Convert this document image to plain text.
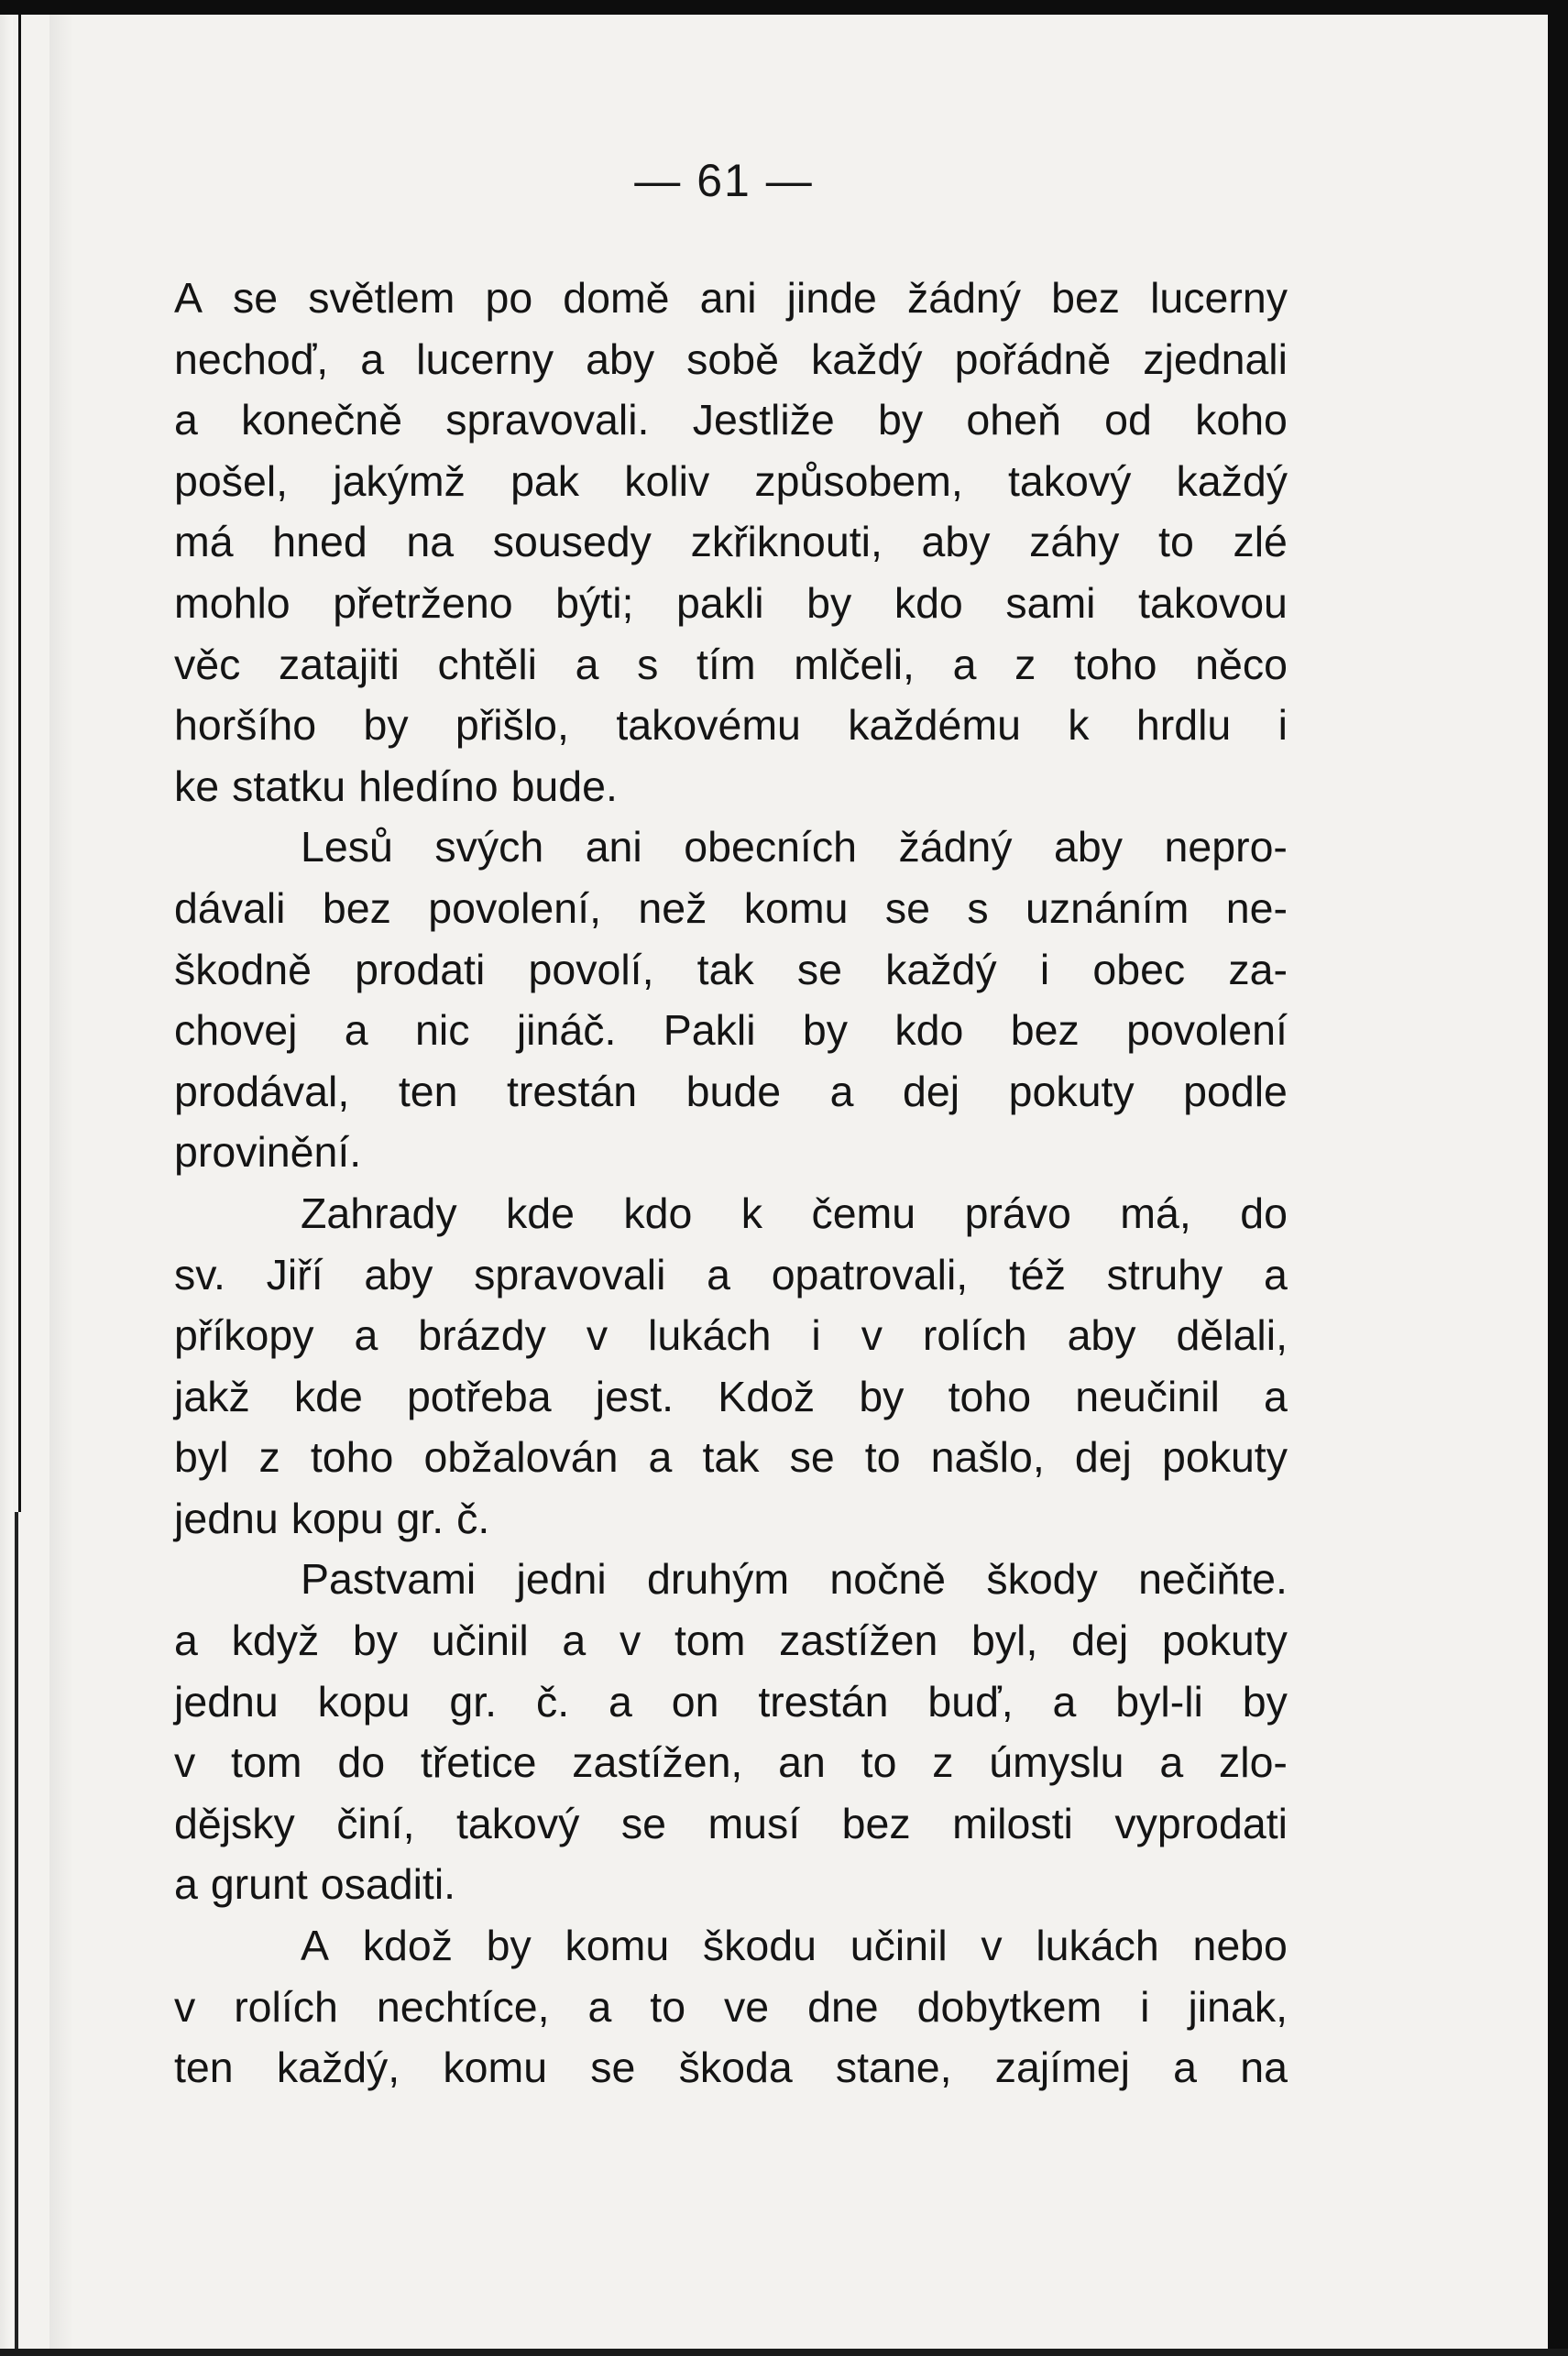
— 61 —
A se světlem po domě ani jinde žádný bez lucerny
nechoď, a lucerny aby sobě každý pořádně zjednali
a konečně spravovali. Jestliže by oheň od koho
pošel, jakýmž pak koliv způsobem, takový každý
má hned na sousedy zkřiknouti, aby záhy to zlé
mohlo přetrženo býti; pakli by kdo sami takovou
věc zatajiti chtěli a s tím mlčeli, a z toho něco
horšího by přišlo, takovému každému k hrdlu i
ke statku hledíno bude.
Lesů svých ani obecních žádný aby nepro-
dávali bez povolení, než komu se s uznáním ne-
škodně prodati povolí, tak se každý i obec za-
chovej a nic jináč. Pakli by kdo bez povolení
prodával, ten trestán bude a dej pokuty podle
provinění.
Zahrady kde kdo k čemu právo má, do
sv. Jiří aby spravovali a opatrovali, též struhy a
příkopy a brázdy v lukách i v rolích aby dělali,
jakž kde potřeba jest. Kdož by toho neučinil a
byl z toho obžalován a tak se to našlo, dej pokuty
jednu kopu gr. č.
Pastvami jedni druhým nočně škody nečiňte.
a když by učinil a v tom zastížen byl, dej pokuty
jednu kopu gr. č. a on trestán buď, a byl-li by
v tom do třetice zastížen, an to z úmyslu a zlo-
dějsky činí, takový se musí bez milosti vyprodati
a grunt osaditi.
A kdož by komu škodu učinil v lukách nebo
v rolích nechtíce, a to ve dne dobytkem i jinak,
ten každý, komu se škoda stane, zajímej a na
